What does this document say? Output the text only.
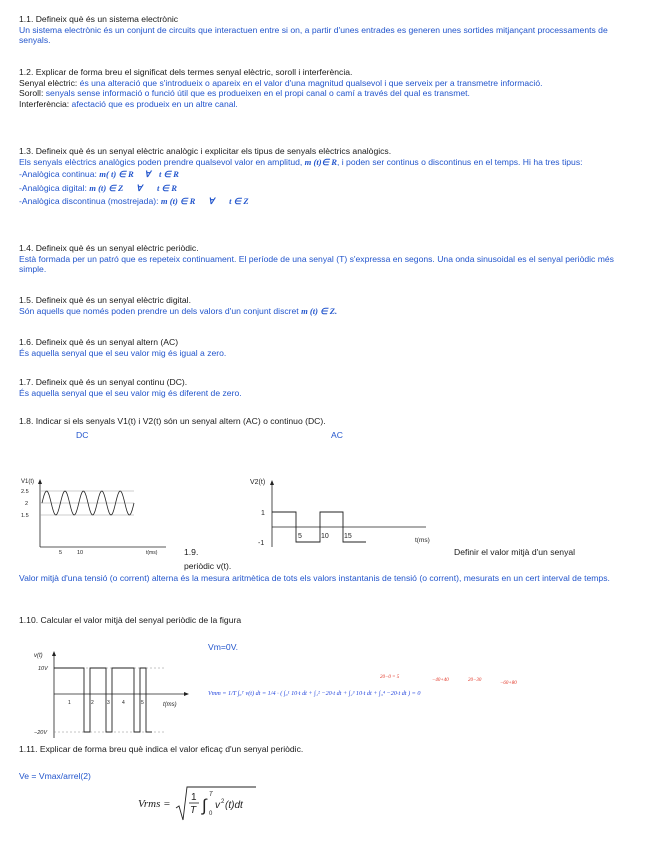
1.1. Defineix què és un sistema electrònic
Un sistema electrònic és un conjunt de circuits que interactuen entre si on, a partir d'unes entrades es generen unes sortides mitjançant processaments de senyals.
1.2. Explicar de forma breu el significat dels termes senyal elèctric, soroll i interferència.
Senyal elèctric: és una alteració que s'introdueix o apareix en el valor d'una magnitud qualsevol i que serveix per a transmetre informació.
Soroll: senyals sense informació o funció útil que es produeixen en el propi canal o camí a través del qual es transmet.
Interferència: afectació que es produeix en un altre canal.
1.3. Defineix què és un senyal elèctric analògic i explicitar els tipus de senyals elèctrics analògics.
Els senyals elèctrics analògics poden prendre qualsevol valor en amplitud, m (t)∈ R, i poden ser continus o discontinus en el temps. Hi ha tres tipus:
-Analògica continua: m( t) ∈ R     ∀    t ∈ R
-Analògica digital: m (t) ∈ Z      ∀       t ∈ R
-Analògica discontinua (mostrejada): m (t) ∈ R      ∀       t ∈ Z
1.4. Defineix què és un senyal elèctric periòdic.
Està formada per un patró que es repeteix continuament. El període de una senyal (T) s'expressa en segons. Una onda sinusoidal es el senyal periòdic més simple.
1.5. Defineix què és un senyal elèctric digital.
Són aquells que només poden prendre un dels valors d'un conjunt discret m (t) ∈ Z.
1.6. Defineix què és un senyal altern (AC)
És aquella senyal que el seu valor mig és igual a zero.
1.7. Defineix què és un senyal continu (DC).
És aquella senyal que el seu valor mig és diferent de zero.
1.8. Indicar si els senyals V1(t) i V2(t) són un senyal altern (AC) o continuo (DC).
DC	AC
V1(t)
2.5
2
1.5
5	10	t(ms)
V2(t)
1
-1
5	10 15
t(ms)
1.9.	Definir el valor mitjà d'un senyal
periòdic v(t).
Valor mitjà d'una tensió (o corrent) alterna és la mesura aritmètica de tots els valors instantanis de tensió (o corrent), mesurats en un cert interval de temps.
1.10. Calcular el valor mitjà del senyal periòdic de la figura
Vm=0V.
v(t)
10V
−20V
1	2	3 4	5	t(ms)
20−0 = 5
−40+40	20−30
−60+80
Vmm = 1/T ∫₀ᵀ v(t) dt = 1/4 · ( ∫₀¹ 10·t dt + ∫₁² −20·t dt + ∫₂³ 10·t dt + ∫₃⁴ −20·t dt ) = 0
1.11. Explicar de forma breu què indica el valor eficaç d'un senyal periòdic.
Ve = Vmax/arrel(2)
Vrms =
1
T ∫
T
0
v 2 (t)dt
